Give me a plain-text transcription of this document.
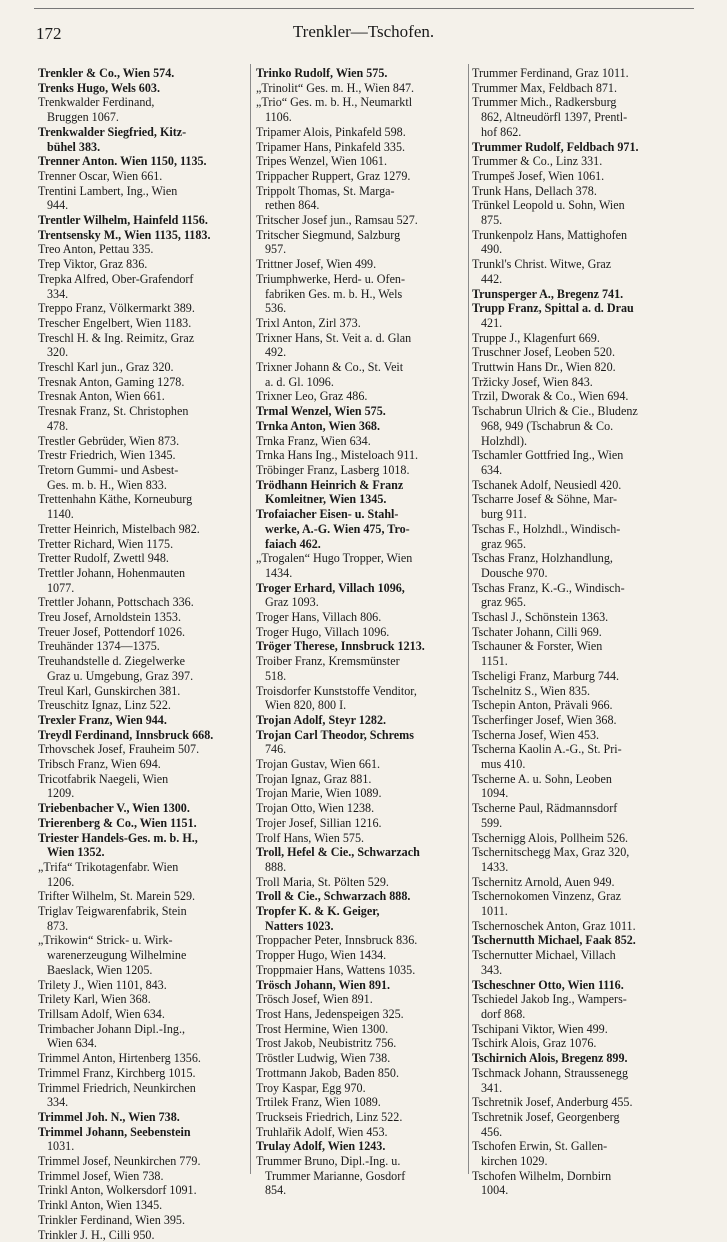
172	Trenkler—Tschofen.
Trenkler & Co., Wien 574.
Trenks Hugo, Wels 603.
Trenkwalder Ferdinand,
Bruggen 1067.
Trenkwalder Siegfried, Kitz-
bühel 383.
Trenner Anton. Wien 1150, 1135.
Trenner Oscar, Wien 661.
Trentini Lambert, Ing., Wien
944.
Trentler Wilhelm, Hainfeld 1156.
Trentsensky M., Wien 1135, 1183.
Treo Anton, Pettau 335.
Trep Viktor, Graz 836.
Trepka Alfred, Ober-Grafendorf
334.
Treppo Franz, Völkermarkt 389.
Trescher Engelbert, Wien 1183.
Treschl H. & Ing. Reimitz, Graz
320.
Treschl Karl jun., Graz 320.
Tresnak Anton, Gaming 1278.
Tresnak Anton, Wien 661.
Tresnak Franz, St. Christophen
478.
Trestler Gebrüder, Wien 873.
Trestr Friedrich, Wien 1345.
Tretorn Gummi- und Asbest-
Ges. m. b. H., Wien 833.
Trettenhahn Käthe, Korneuburg
1140.
Tretter Heinrich, Mistelbach 982.
Tretter Richard, Wien 1175.
Tretter Rudolf, Zwettl 948.
Trettler Johann, Hohenmauten
1077.
Trettler Johann, Pottschach 336.
Treu Josef, Arnoldstein 1353.
Treuer Josef, Pottendorf 1026.
Treuhänder 1374—1375.
Treuhandstelle d. Ziegelwerke
Graz u. Umgebung, Graz 397.
Treul Karl, Gunskirchen 381.
Treuschitz Ignaz, Linz 522.
Trexler Franz, Wien 944.
Treydl Ferdinand, Innsbruck 668.
Trhovschek Josef, Frauheim 507.
Tribsch Franz, Wien 694.
Tricotfabrik Naegeli, Wien
1209.
Triebenbacher V., Wien 1300.
Trierenberg & Co., Wien 1151.
Triester Handels-Ges. m. b. H.,
Wien 1352.
„Trifa“ Trikotagenfabr. Wien
1206.
Trifter Wilhelm, St. Marein 529.
Triglav Teigwarenfabrik, Stein
873.
„Trikowin“ Strick- u. Wirk-
warenerzeugung Wilhelmine
Baeslack, Wien 1205.
Trilety J., Wien 1101, 843.
Trilety Karl, Wien 368.
Trillsam Adolf, Wien 634.
Trimbacher Johann Dipl.-Ing.,
Wien 634.
Trimmel Anton, Hirtenberg 1356.
Trimmel Franz, Kirchberg 1015.
Trimmel Friedrich, Neunkirchen
334.
Trimmel Joh. N., Wien 738.
Trimmel Johann, Seebenstein
1031.
Trimmel Josef, Neunkirchen 779.
Trimmel Josef, Wien 738.
Trinkl Anton, Wolkersdorf 1091.
Trinkl Anton, Wien 1345.
Trinkler Ferdinand, Wien 395.
Trinkler J. H., Cilli 950.
Trinko Rudolf, Wien 575.
„Trinolit“ Ges. m. H., Wien 847.
„Trio“ Ges. m. b. H., Neumarktl
1106.
Tripamer Alois, Pinkafeld 598.
Tripamer Hans, Pinkafeld 335.
Tripes Wenzel, Wien 1061.
Trippacher Ruppert, Graz 1279.
Trippolt Thomas, St. Marga-
rethen 864.
Tritscher Josef jun., Ramsau 527.
Tritscher Siegmund, Salzburg
957.
Trittner Josef, Wien 499.
Triumphwerke, Herd- u. Ofen-
fabriken Ges. m. b. H., Wels
536.
Trixl Anton, Zirl 373.
Trixner Hans, St. Veit a. d. Glan
492.
Trixner Johann & Co., St. Veit
a. d. Gl. 1096.
Trixner Leo, Graz 486.
Trmal Wenzel, Wien 575.
Trnka Anton, Wien 368.
Trnka Franz, Wien 634.
Trnka Hans Ing., Misteloach 911.
Tröbinger Franz, Lasberg 1018.
Trödhann Heinrich & Franz
Komleitner, Wien 1345.
Trofaiacher Eisen- u. Stahl-
werke, A.-G. Wien 475, Tro-
faiach 462.
„Trogalen“ Hugo Tropper, Wien
1434.
Troger Erhard, Villach 1096,
Graz 1093.
Troger Hans, Villach 806.
Troger Hugo, Villach 1096.
Tröger Therese, Innsbruck 1213.
Troiber Franz, Kremsmünster
518.
Troisdorfer Kunststoffe Venditor,
Wien 820, 800 I.
Trojan Adolf, Steyr 1282.
Trojan Carl Theodor, Schrems
746.
Trojan Gustav, Wien 661.
Trojan Ignaz, Graz 881.
Trojan Marie, Wien 1089.
Trojan Otto, Wien 1238.
Trojer Josef, Sillian 1216.
Trolf Hans, Wien 575.
Troll, Hefel & Cie., Schwarzach
888.
Troll Maria, St. Pölten 529.
Troll & Cie., Schwarzach 888.
Tropfer K. & K. Geiger,
Natters 1023.
Troppacher Peter, Innsbruck 836.
Tropper Hugo, Wien 1434.
Troppmaier Hans, Wattens 1035.
Trösch Johann, Wien 891.
Trösch Josef, Wien 891.
Trost Hans, Jedenspeigen 325.
Trost Hermine, Wien 1300.
Trost Jakob, Neubistritz 756.
Tröstler Ludwig, Wien 738.
Trottmann Jakob, Baden 850.
Troy Kaspar, Egg 970.
Trtilek Franz, Wien 1089.
Truckseis Friedrich, Linz 522.
Truhlařik Adolf, Wien 453.
Trulay Adolf, Wien 1243.
Trummer Bruno, Dipl.-Ing. u.
Trummer Marianne, Gosdorf
854.
Trummer Ferdinand, Graz 1011.
Trummer Max, Feldbach 871.
Trummer Mich., Radkersburg
862, Altneudörfl 1397, Prentl-
hof 862.
Trummer Rudolf, Feldbach 971.
Trummer & Co., Linz 331.
Trumpeš Josef, Wien 1061.
Trunk Hans, Dellach 378.
Trünkel Leopold u. Sohn, Wien
875.
Trunkenpolz Hans, Mattighofen
490.
Trunkl's Christ. Witwe, Graz
442.
Trunsperger A., Bregenz 741.
Trupp Franz, Spittal a. d. Drau
421.
Truppe J., Klagenfurt 669.
Truschner Josef, Leoben 520.
Truttwin Hans Dr., Wien 820.
Tržicky Josef, Wien 843.
Trzil, Dworak & Co., Wien 694.
Tschabrun Ulrich & Cie., Bludenz
968, 949 (Tschabrun & Co.
Holzhdl).
Tschamler Gottfried Ing., Wien
634.
Tschanek Adolf, Neusiedl 420.
Tscharre Josef & Söhne, Mar-
burg 911.
Tschas F., Holzhdl., Windisch-
graz 965.
Tschas Franz, Holzhandlung,
Dousche 970.
Tschas Franz, K.-G., Windisch-
graz 965.
Tschasl J., Schönstein 1363.
Tschater Johann, Cilli 969.
Tschauner & Forster, Wien
1151.
Tscheligi Franz, Marburg 744.
Tschelnitz S., Wien 835.
Tschepin Anton, Prävali 966.
Tscherfinger Josef, Wien 368.
Tscherna Josef, Wien 453.
Tscherna Kaolin A.-G., St. Pri-
mus 410.
Tscherne A. u. Sohn, Leoben
1094.
Tscherne Paul, Rädmannsdorf
599.
Tschernigg Alois, Pollheim 526.
Tschernitschegg Max, Graz 320,
1433.
Tschernitz Arnold, Auen 949.
Tschernokomen Vinzenz, Graz
1011.
Tschernoschek Anton, Graz 1011.
Tschernutth Michael, Faak 852.
Tschernutter Michael, Villach
343.
Tscheschner Otto, Wien 1116.
Tschiedel Jakob Ing., Wampers-
dorf 868.
Tschipani Viktor, Wien 499.
Tschirk Alois, Graz 1076.
Tschirnich Alois, Bregenz 899.
Tschmack Johann, Straussenegg
341.
Tschretnik Josef, Anderburg 455.
Tschretnik Josef, Georgenberg
456.
Tschofen Erwin, St. Gallen-
kirchen 1029.
Tschofen Wilhelm, Dornbirn
1004.
